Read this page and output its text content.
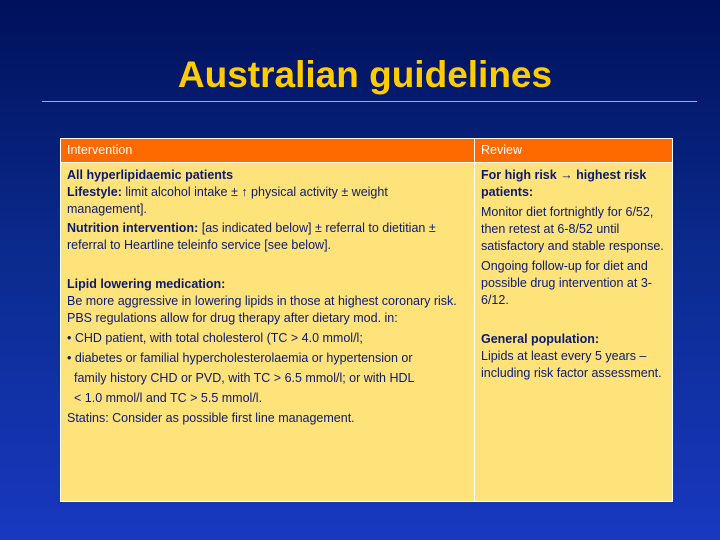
Australian guidelines
Intervention	Review

All hyperlipidaemic patients

Lifestyle: limit alcohol intake ± ↑ physical activity ± weight management].

Nutrition intervention: [as indicated below] ± referral to dietitian ± referral to Heartline teleinfo service [see below].

Lipid lowering medication:

Be more aggressive in lowering lipids in those at highest coronary risk. PBS regulations allow for drug therapy after dietary mod. in:

• CHD patient, with total cholesterol (TC > 4.0 mmol/l;

• diabetes or familial hypercholesterolaemia or hypertension or

family history CHD or PVD, with TC > 6.5 mmol/l; or with HDL

< 1.0 mmol/l and TC > 5.5 mmol/l.

Statins: Consider as possible first line management.

For high risk → highest risk patients:

Monitor diet fortnightly for 6/52, then retest at 6-8/52 until satisfactory and stable response.

Ongoing follow-up for diet and possible drug intervention at 3-6/12.

General population:

Lipids at least every 5 years – including risk factor assessment.
